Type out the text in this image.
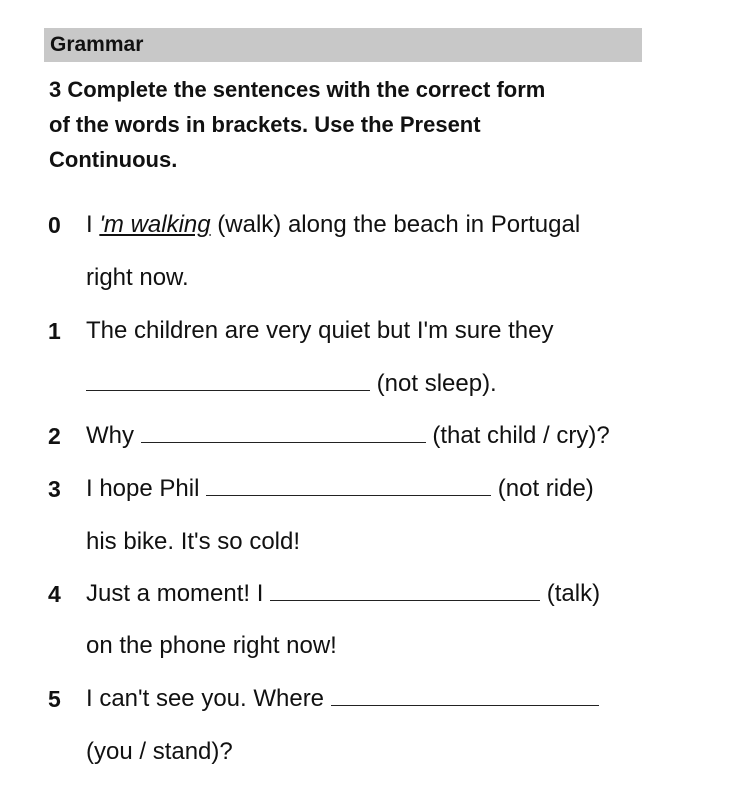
Grammar
3 Complete the sentences with the correct form
of the words in brackets. Use the Present
Continuous.
0	I 'm walking (walk) along the beach in Portugal
right now.
1	The children are very quiet but I'm sure they
(not sleep).
2	Why	(that child / cry)?
3	I hope Phil	(not ride)
his bike. It's so cold!
4	Just a moment! I	(talk)
on the phone right now!
5	I can't see you. Where
(you / stand)?
